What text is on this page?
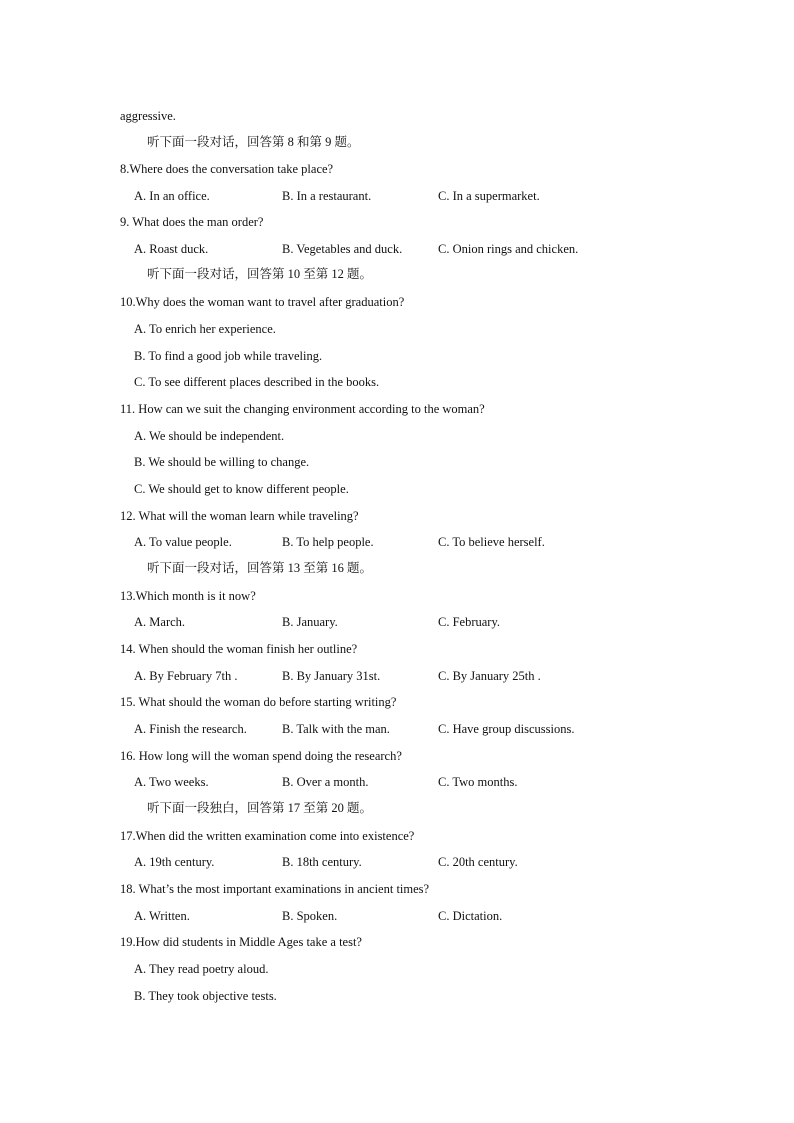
aggressive.
听下面一段对话，回答第 8 和第 9 题。
8.Where does the conversation take place?
A. In an office.	B. In a restaurant.	C. In a supermarket.
9. What does the man order?
A. Roast duck.	B. Vegetables and duck.	C. Onion rings and chicken.
听下面一段对话，回答第 10 至第 12 题。
10.Why does the woman want to travel after graduation?
A. To enrich her experience.
B. To find a good job while traveling.
C. To see different places described in the books.
11. How can we suit the changing environment according to the woman?
A. We should be independent.
B. We should be willing to change.
C. We should get to know different people.
12. What will the woman learn while traveling?
A. To value people.	B. To help people.	C. To believe herself.
听下面一段对话，回答第 13 至第 16 题。
13.Which month is it now?
A. March.	B. January.	C. February.
14. When should the woman finish her outline?
A. By February 7th .	B. By January 31st.	C. By January 25th .
15. What should the woman do before starting writing?
A. Finish the research.	B. Talk with the man.	C. Have group discussions.
16. How long will the woman spend doing the research?
A. Two weeks.	B. Over a month.	C. Two months.
听下面一段独白，回答第 17 至第 20 题。
17.When did the written examination come into existence?
A. 19th century.	B. 18th century.	C. 20th century.
18. What’s the most important examinations in ancient times?
A. Written.	B. Spoken.	C. Dictation.
19.How did students in Middle Ages take a test?
A. They read poetry aloud.
B. They took objective tests.
